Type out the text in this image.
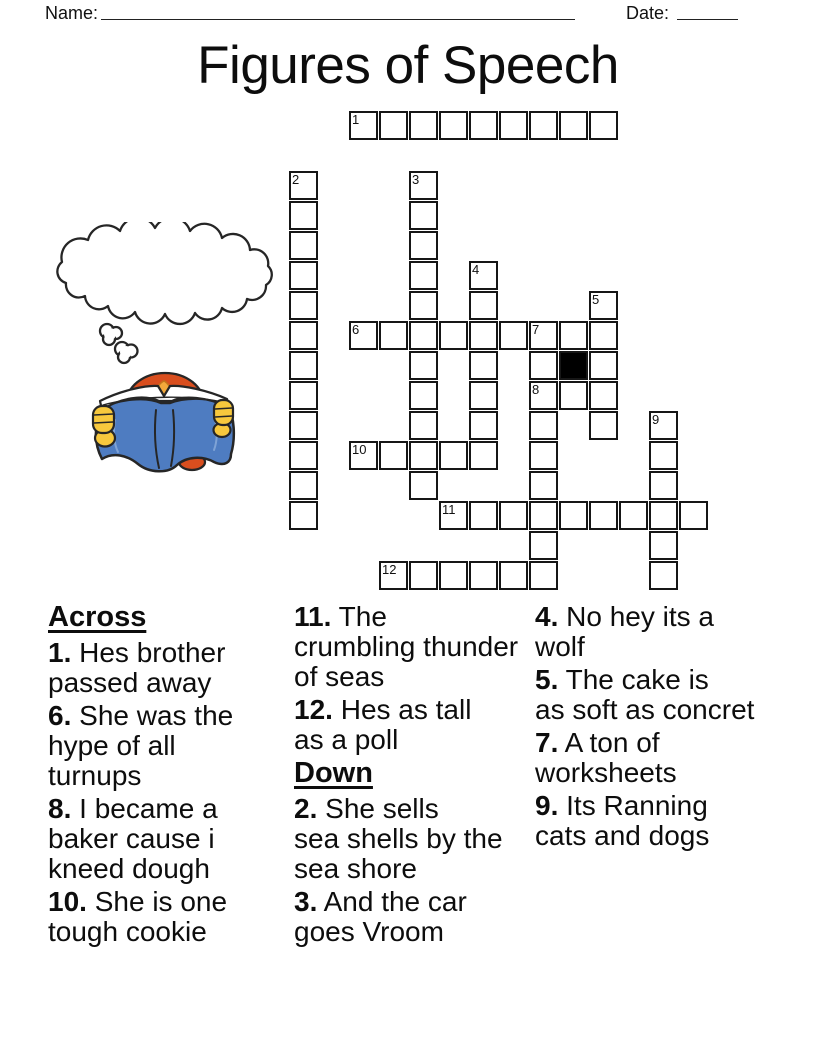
Name:	Date:
Figures of Speech
1
2	3
4
5
6	7
8
9
10
11
12
Across
1. Hes brother
passed away
6. She was the
hype of all
turnups
8. I became a
baker cause i
kneed dough
10. She is one
tough cookie
11. The
crumbling thunder
of seas
12. Hes as tall
as a poll
Down
2. She sells
sea shells by the
sea shore
3. And the car
goes Vroom
4. No hey its a
wolf
5. The cake is
as soft as concret
7. A ton of
worksheets
9. Its Ranning
cats and dogs
